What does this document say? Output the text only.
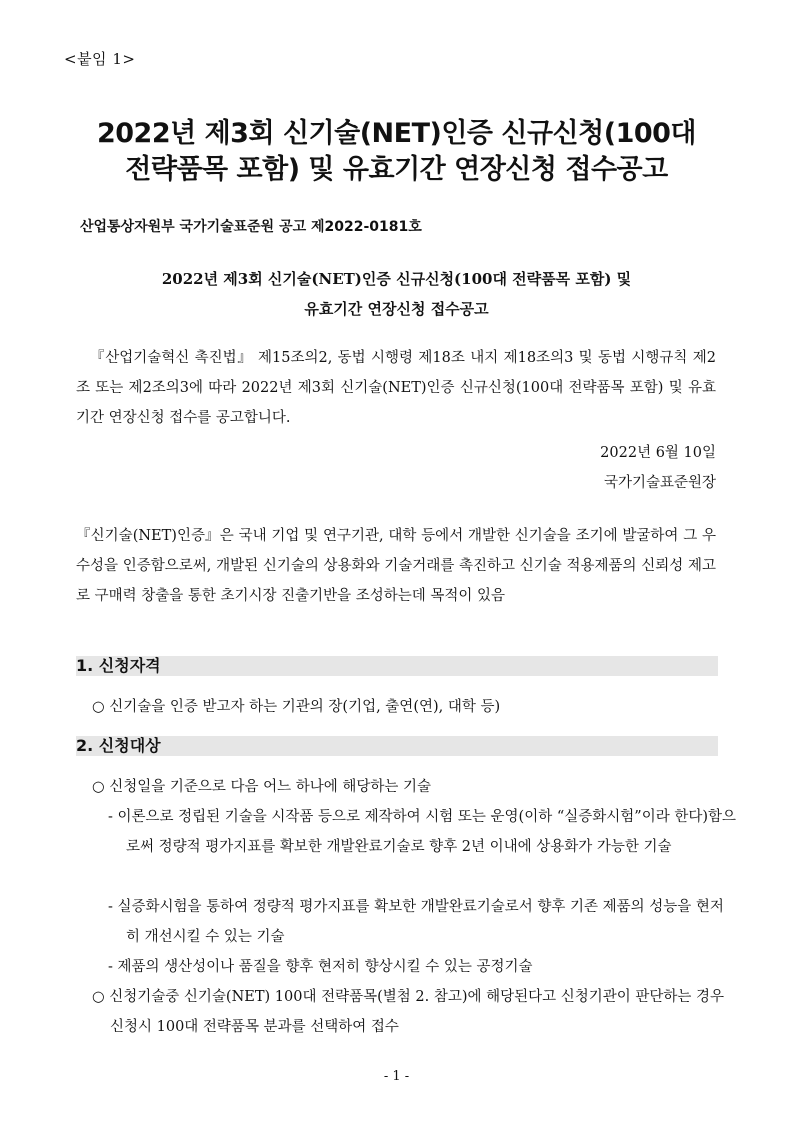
<붙임 1>
2022년 제3회 신기술(NET)인증 신규신청(100대
전략품목 포함) 및 유효기간 연장신청 접수공고
산업통상자원부 국가기술표준원 공고 제2022-0181호
2022년 제3회 신기술(NET)인증 신규신청(100대 전략품목 포함) 및
유효기간 연장신청 접수공고
『산업기술혁신 촉진법』 제15조의2, 동법 시행령 제18조 내지 제18조의3 및 동법 시행규칙 제2조 또는 제2조의3에 따라 2022년 제3회 신기술(NET)인증 신규신청(100대 전략품목 포함) 및 유효기간 연장신청 접수를 공고합니다.
2022년 6월 10일
국가기술표준원장
『신기술(NET)인증』은 국내 기업 및 연구기관, 대학 등에서 개발한 신기술을 조기에 발굴하여 그 우수성을 인증함으로써, 개발된 신기술의 상용화와 기술거래를 촉진하고 신기술 적용제품의 신뢰성 제고로 구매력 창출을 통한 초기시장 진출기반을 조성하는데 목적이 있음
1. 신청자격
○ 신기술을 인증 받고자 하는 기관의 장(기업, 출연(연), 대학 등)
2. 신청대상
○ 신청일을 기준으로 다음 어느 하나에 해당하는 기술
- 이론으로 정립된 기술을 시작품 등으로 제작하여 시험 또는 운영(이하 “실증화시험”이라 한다)함으로써 정량적 평가지표를 확보한 개발완료기술로 향후 2년 이내에 상용화가 가능한 기술
- 실증화시험을 통하여 정량적 평가지표를 확보한 개발완료기술로서 향후 기존 제품의 성능을 현저히 개선시킬 수 있는 기술
- 제품의 생산성이나 품질을 향후 현저히 향상시킬 수 있는 공정기술
○ 신청기술중 신기술(NET) 100대 전략품목(별첨 2. 참고)에 해당된다고 신청기관이 판단하는 경우 신청시 100대 전략품목 분과를 선택하여 접수
- 1 -
